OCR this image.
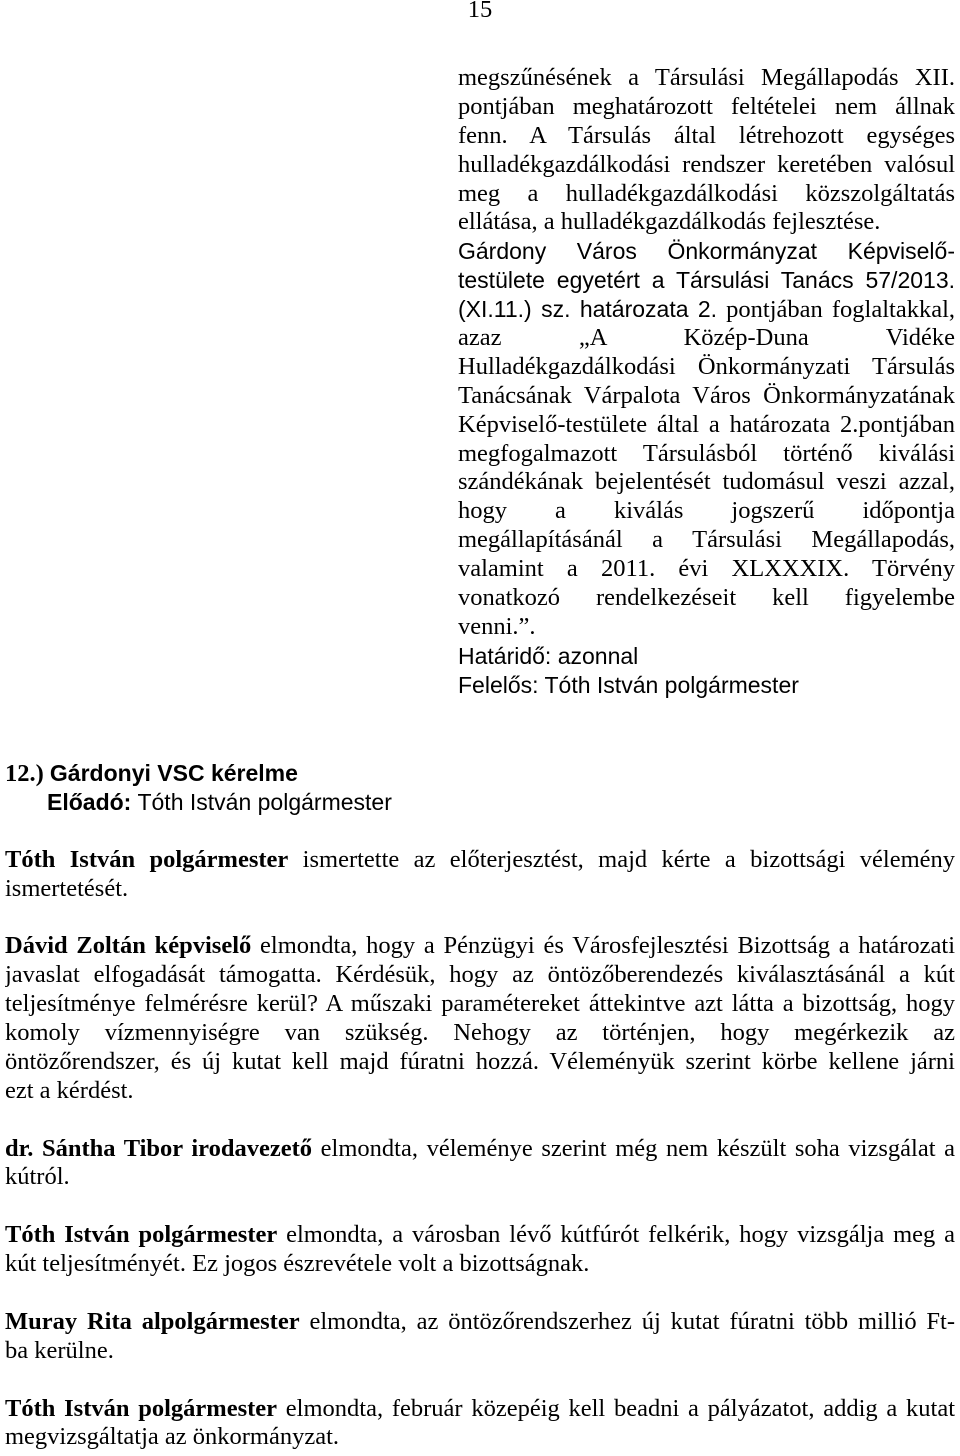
15
megszűnésének a Társulási Megállapodás XII.
pontjában meghatározott feltételei nem állnak
fenn. A Társulás által létrehozott egységes
hulladékgazdálkodási rendszer keretében valósul
meg a hulladékgazdálkodási közszolgáltatás
ellátása, a hulladékgazdálkodás fejlesztése.
Gárdony Város Önkormányzat Képviselő-
testülete egyetért a Társulási Tanács 57/2013.
(XI.11.) sz. határozata 2. pontjában foglaltakkal,
azaz „A Közép-Duna Vidéke
Hulladékgazdálkodási Önkormányzati Társulás
Tanácsának Várpalota Város Önkormányzatának
Képviselő-testülete által a határozata 2.pontjában
megfogalmazott Társulásból történő kiválási
szándékának bejelentését tudomásul veszi azzal,
hogy a kiválás jogszerű időpontja
megállapításánál a Társulási Megállapodás,
valamint a 2011. évi XLXXXIX. Törvény
vonatkozó rendelkezéseit kell figyelembe
venni.”.
Határidő: azonnal
Felelős: Tóth István polgármester
12.) Gárdonyi VSC kérelme
Előadó: Tóth István polgármester
Tóth István polgármester ismertette az előterjesztést, majd kérte a bizottsági vélemény
ismertetését.
Dávid Zoltán képviselő elmondta, hogy a Pénzügyi és Városfejlesztési Bizottság a határozati
javaslat elfogadását támogatta. Kérdésük, hogy az öntözőberendezés kiválasztásánál a kút
teljesítménye felmérésre kerül? A műszaki paramétereket áttekintve azt látta a bizottság, hogy
komoly vízmennyiségre van szükség. Nehogy az történjen, hogy megérkezik az
öntözőrendszer, és új kutat kell majd fúratni hozzá. Véleményük szerint körbe kellene járni
ezt a kérdést.
dr. Sántha Tibor irodavezető elmondta, véleménye szerint még nem készült soha vizsgálat a
kútról.
Tóth István polgármester elmondta, a városban lévő kútfúrót felkérik, hogy vizsgálja meg a
kút teljesítményét. Ez jogos észrevétele volt a bizottságnak.
Muray Rita alpolgármester elmondta, az öntözőrendszerhez új kutat fúratni több millió Ft-
ba kerülne.
Tóth István polgármester elmondta, február közepéig kell beadni a pályázatot, addig a kutat
megvizsgáltatja az önkormányzat.
